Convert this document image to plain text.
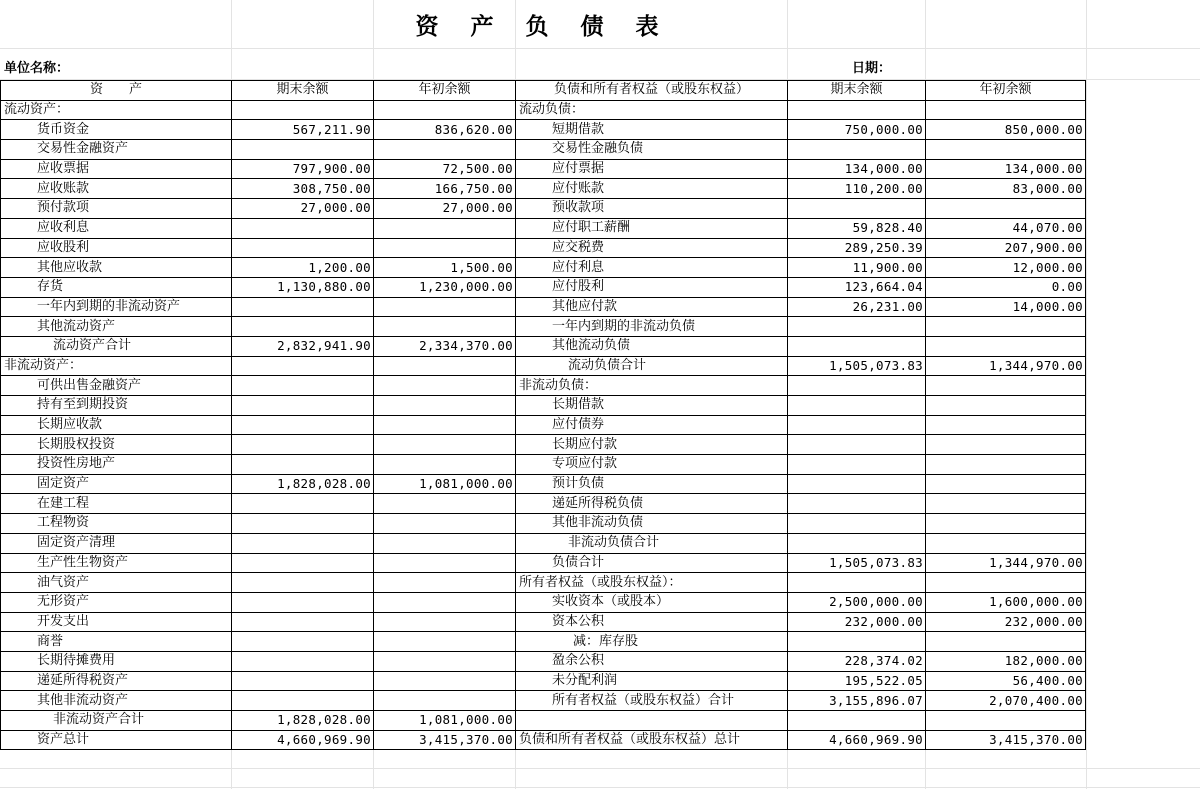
资 产 负 债 表
单位名称：	日期：
资　　产	期末余额	年初余额	负债和所有者权益（或股东权益）	期末余额	年初余额
流动资产：			流动负债：		
货币资金	567,211.90	836,620.00	短期借款	750,000.00	850,000.00
交易性金融资产			交易性金融负债		
应收票据	797,900.00	72,500.00	应付票据	134,000.00	134,000.00
应收账款	308,750.00	166,750.00	应付账款	110,200.00	83,000.00
预付款项	27,000.00	27,000.00	预收款项		
应收利息			应付职工薪酬	59,828.40	44,070.00
应收股利			应交税费	289,250.39	207,900.00
其他应收款	1,200.00	1,500.00	应付利息	11,900.00	12,000.00
存货	1,130,880.00	1,230,000.00	应付股利	123,664.04	0.00
一年内到期的非流动资产			其他应付款	26,231.00	14,000.00
其他流动资产			一年内到期的非流动负债		
流动资产合计	2,832,941.90	2,334,370.00	其他流动负债		
非流动资产：			流动负债合计	1,505,073.83	1,344,970.00
可供出售金融资产			非流动负债：		
持有至到期投资			长期借款		
长期应收款			应付债券		
长期股权投资			长期应付款		
投资性房地产			专项应付款		
固定资产	1,828,028.00	1,081,000.00	预计负债		
在建工程			递延所得税负债		
工程物资			其他非流动负债		
固定资产清理			非流动负债合计		
生产性生物资产			负债合计	1,505,073.83	1,344,970.00
油气资产			所有者权益（或股东权益）：		
无形资产			实收资本（或股本）	2,500,000.00	1,600,000.00
开发支出			资本公积	232,000.00	232,000.00
商誉			减：库存股		
长期待摊费用			盈余公积	228,374.02	182,000.00
递延所得税资产			未分配利润	195,522.05	56,400.00
其他非流动资产			所有者权益（或股东权益）合计	3,155,896.07	2,070,400.00
非流动资产合计	1,828,028.00	1,081,000.00			
资产总计	4,660,969.90	3,415,370.00	负债和所有者权益（或股东权益）总计	4,660,969.90	3,415,370.00
